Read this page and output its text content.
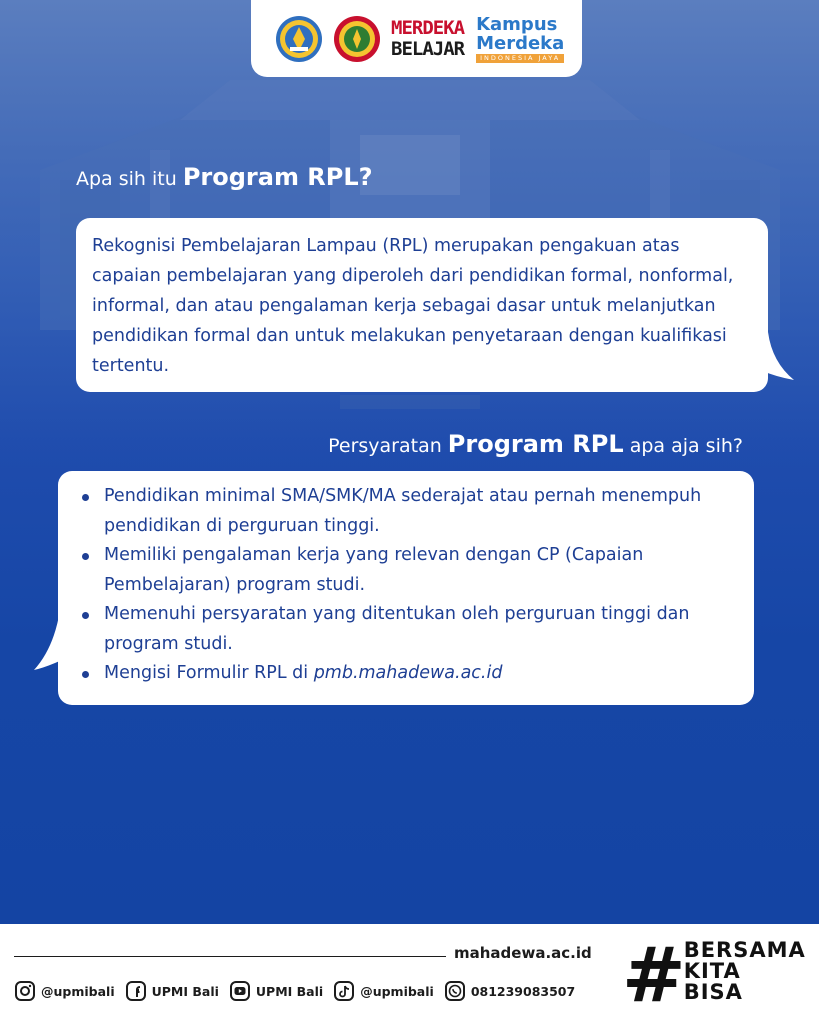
MERDEKA
BELAJAR
Kampus
Merdeka
INDONESIA JAYA
Apa sih itu Program RPL?

Rekognisi Pembelajaran Lampau (RPL) merupakan pengakuan atas capaian pembelajaran yang diperoleh dari pendidikan formal, nonformal, informal, dan atau pengalaman kerja sebagai dasar untuk melanjutkan pendidikan formal dan untuk melakukan penyetaraan dengan kualifikasi tertentu.

Persyaratan Program RPL apa aja sih?
Pendidikan minimal SMA/SMK/MA sederajat atau pernah menempuh pendidikan di perguruan tinggi.
Memiliki pengalaman kerja yang relevan dengan CP (Capaian Pembelajaran) program studi.
Memenuhi persyaratan yang ditentukan oleh perguruan tinggi dan program studi.
Mengisi Formulir RPL di pmb.mahadewa.ac.id
mahadewa.ac.id
@upmibali	UPMI Bali	UPMI Bali	@upmibali	081239083507 #
BERSAMA
KITA
BISA
